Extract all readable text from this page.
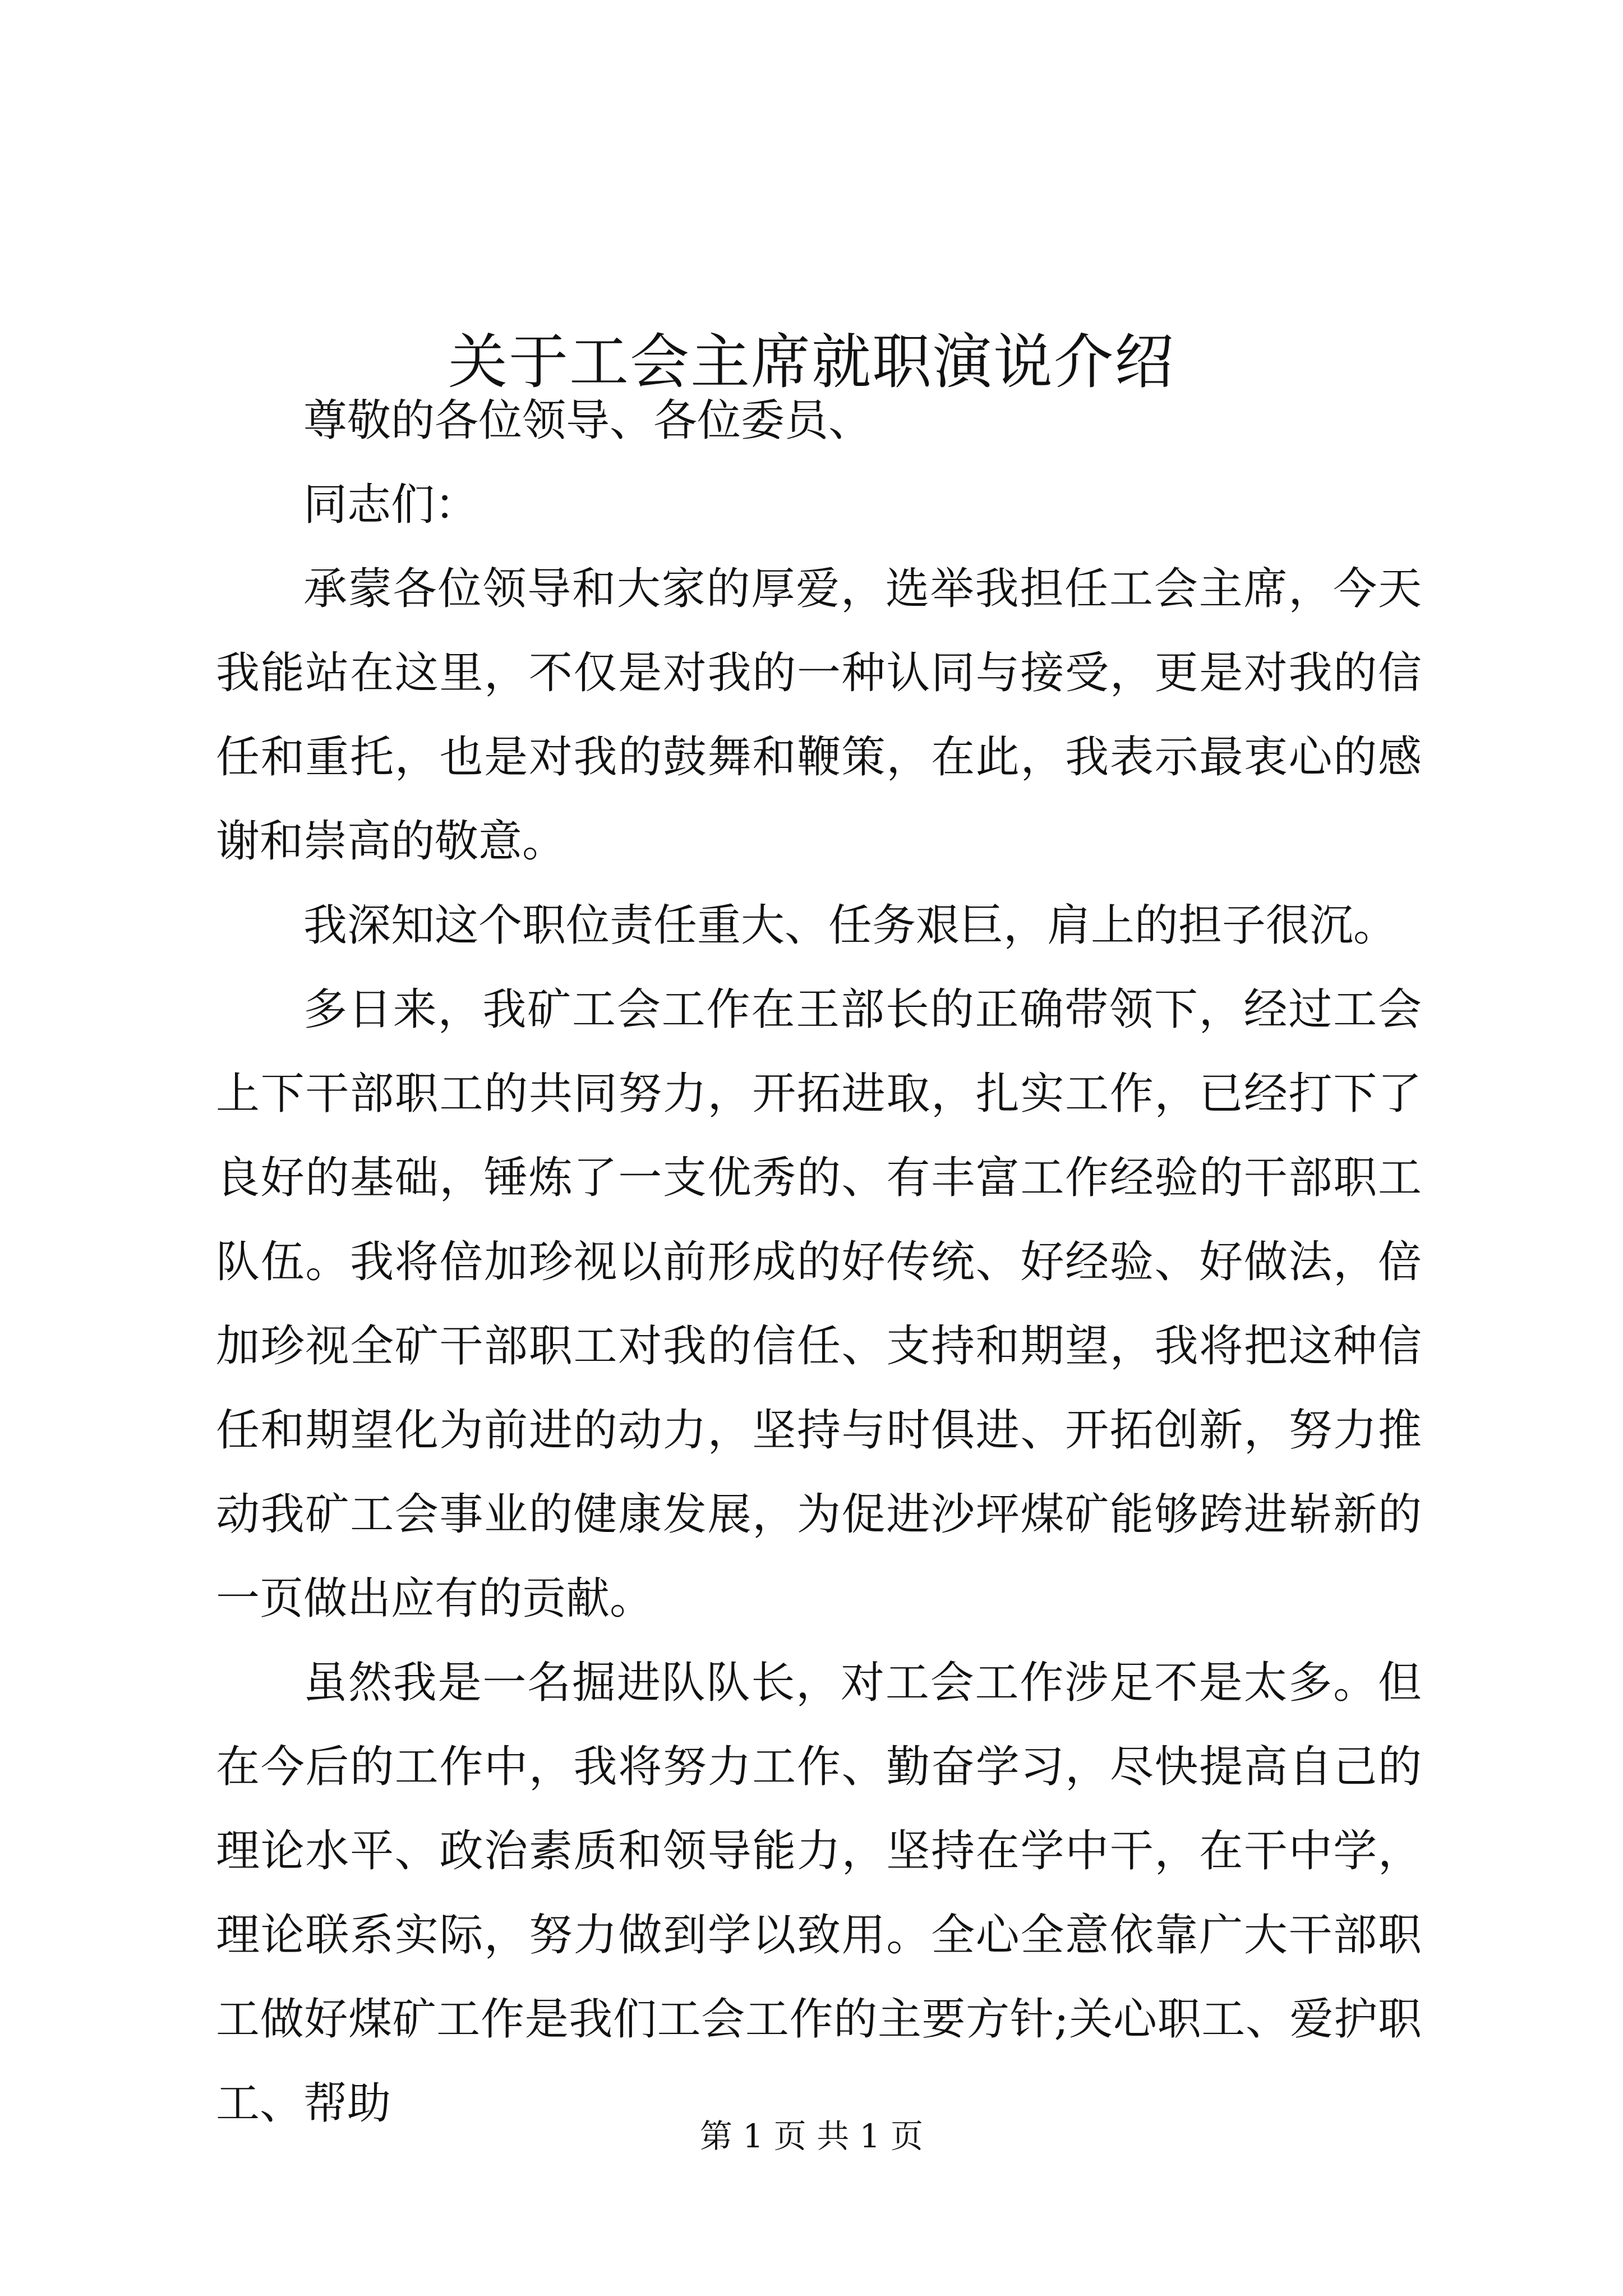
关于工会主席就职演说介绍

尊敬的各位领导、各位委员、

同志们：

承蒙各位领导和大家的厚爱，选举我担任工会主席，今天我能站在这里，不仅是对我的一种认同与接受，更是对我的信任和重托，也是对我的鼓舞和鞭策，在此，我表示最衷心的感谢和崇高的敬意。

我深知这个职位责任重大、任务艰巨，肩上的担子很沉。

多日来，我矿工会工作在王部长的正确带领下，经过工会上下干部职工的共同努力，开拓进取，扎实工作，已经打下了良好的基础，锤炼了一支优秀的、有丰富工作经验的干部职工队伍。我将倍加珍视以前形成的好传统、好经验、好做法，倍加珍视全矿干部职工对我的信任、支持和期望，我将把这种信任和期望化为前进的动力，坚持与时俱进、开拓创新，努力推动我矿工会事业的健康发展，为促进沙坪煤矿能够跨进崭新的一页做出应有的贡献。

虽然我是一名掘进队队长，对工会工作涉足不是太多。但在今后的工作中，我将努力工作、勤奋学习，尽快提高自己的理论水平、政治素质和领导能力，坚持在学中干，在干中学，理论联系实际，努力做到学以致用。全心全意依靠广大干部职工做好煤矿工作是我们工会工作的主要方针;关心职工、爱护职工、帮助

第 1 页 共 1 页
